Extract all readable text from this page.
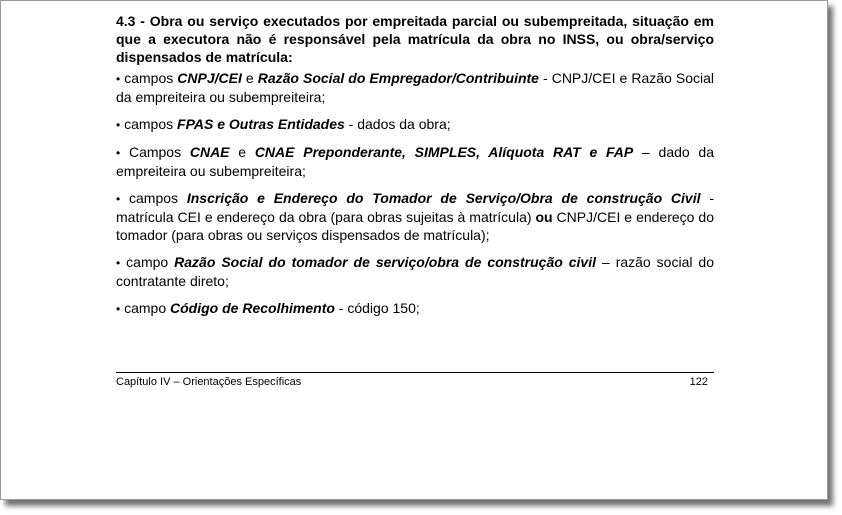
4.3 - Obra ou serviço executados por empreitada parcial ou subempreitada, situação em que a executora não é responsável pela matrícula da obra no INSS, ou obra/serviço dispensados de matrícula:

• campos CNPJ/CEI e Razão Social do Empregador/Contribuinte - CNPJ/CEI e Razão Social da empreiteira ou subempreiteira;

• campos FPAS e Outras Entidades - dados da obra;

• Campos CNAE e CNAE Preponderante, SIMPLES, Alíquota RAT e FAP – dado da empreiteira ou subempreiteira;

• campos Inscrição e Endereço do Tomador de Serviço/Obra de construção Civil - matrícula CEI e endereço da obra (para obras sujeitas à matrícula) ou CNPJ/CEI e endereço do tomador (para obras ou serviços dispensados de matrícula);

• campo Razão Social do tomador de serviço/obra de construção civil – razão social do contratante direto;

• campo Código de Recolhimento - código 150;

Capítulo IV – Orientações Específicas	122
